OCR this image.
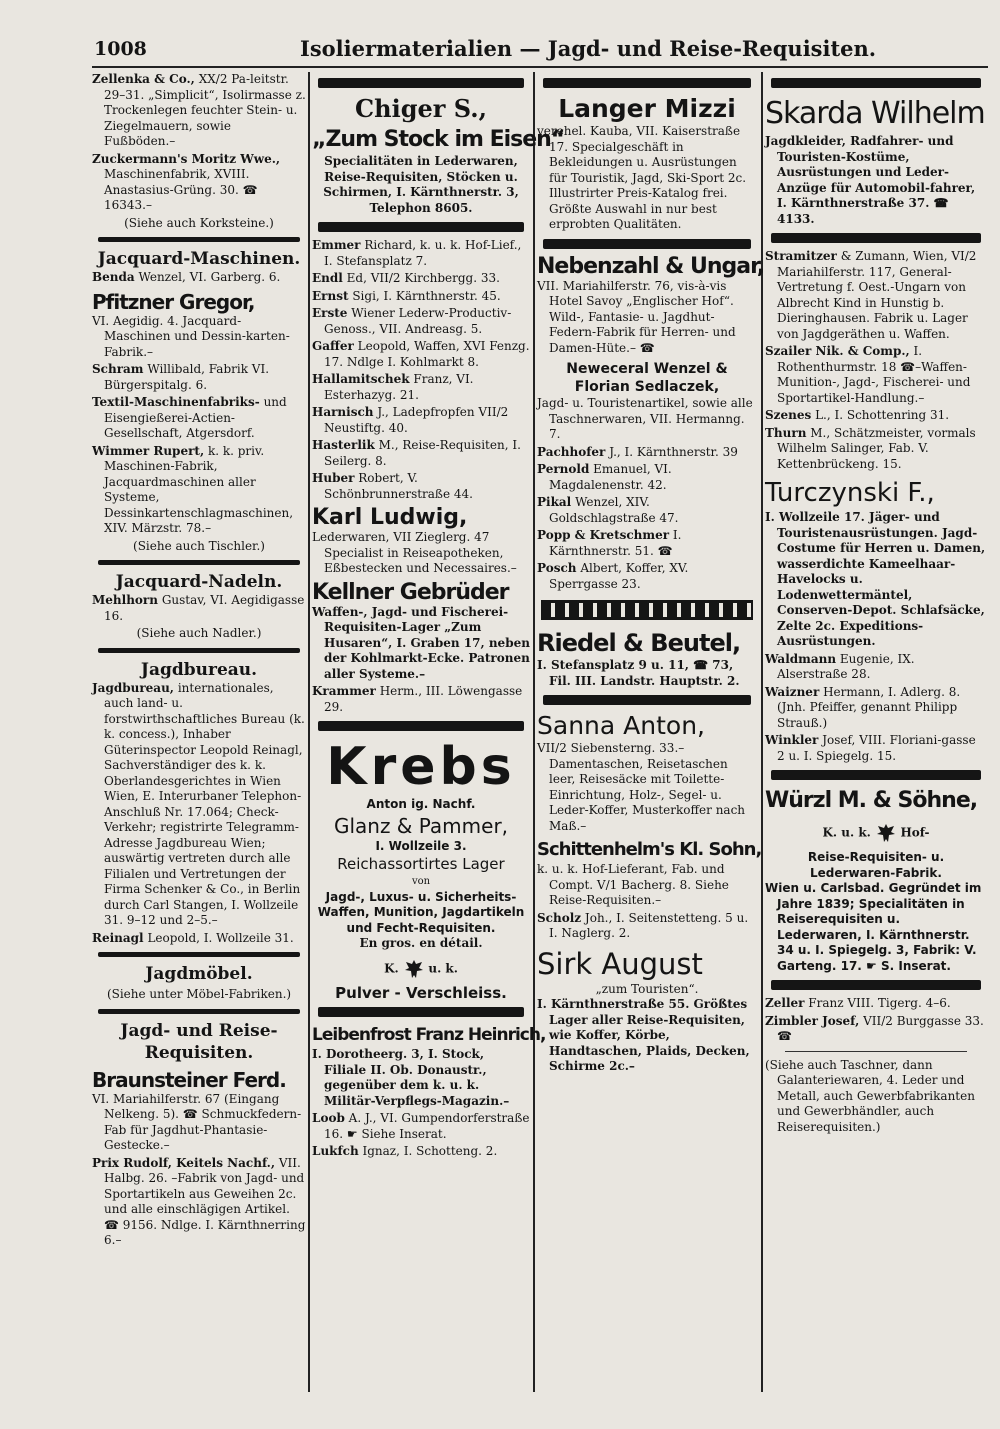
1008	Isoliermaterialien — Jagd- und Reise-Requisiten.

Zellenka & Co., XX/2 Pa-leitstr. 29–31. „Simplicit“, Isolirmasse z. Trockenlegen feuchter Stein- u. Ziegelmauern, sowie Fußböden.–

Zuckermann's Moritz Wwe., Maschinenfabrik, XVIII. Anastasius-Grüng. 30. ☎ 16343.–

(Siehe auch Korksteine.)
Jacquard-Maschinen.

Benda Wenzel, VI. Garberg. 6.

Pfitzner Gregor,

VI. Aegidig. 4. Jacquard-Maschinen und Dessin-karten-Fabrik.–

Schram Willibald, Fabrik VI. Bürgerspitalg. 6.

Textil-Maschinenfabriks- und Eisengießerei-Actien-Gesellschaft, Atgersdorf.

Wimmer Rupert, k. k. priv. Maschinen-Fabrik, Jacquardmaschinen aller Systeme, Dessinkartenschlagmaschinen, XIV. Märzstr. 78.–

(Siehe auch Tischler.)
Jacquard-Nadeln.

Mehlhorn Gustav, VI. Aegidigasse 16.

(Siehe auch Nadler.)
Jagdbureau.

Jagdbureau, internationales, auch land- u. forstwirthschaftliches Bureau (k. k. concess.), Inhaber Güterinspector Leopold Reinagl, Sachverständiger des k. k. Oberlandesgerichtes in Wien Wien, E. Interurbaner Telephon-Anschluß Nr. 17.064; Check-Verkehr; registrirte Telegramm-Adresse Jagdbureau Wien; auswärtig vertreten durch alle Filialen und Vertretungen der Firma Schenker & Co., in Berlin durch Carl Stangen, I. Wollzeile 31. 9–12 und 2–5.–

Reinagl Leopold, I. Wollzeile 31.

Jagdmöbel.
(Siehe unter Möbel-Fabriken.)
Jagd- und Reise-Requisiten.
Braunsteiner Ferd.

VI. Mariahilferstr. 67 (Eingang Nelkeng. 5). ☎ Schmuckfedern-Fab für Jagdhut-Phantasie-Gestecke.–

Prix Rudolf, Keitels Nachf., VII. Halbg. 26. –Fabrik von Jagd- und Sportartikeln aus Geweihen 2c. und alle einschlägigen Artikel. ☎ 9156. Ndlge. I. Kärnthnerring 6.–

Chiger S.,
„Zum Stock im Eisen“

Specialitäten in Lederwaren, Reise-Requisiten, Stöcken u. Schirmen, I. Kärnthnerstr. 3, Telephon 8605.

Emmer Richard, k. u. k. Hof-Lief., I. Stefansplatz 7.

Endl Ed, VII/2 Kirchbergg. 33.

Ernst Sigi, I. Kärnthnerstr. 45.

Erste Wiener Lederw-Productiv-Genoss., VII. Andreasg. 5.

Gaffer Leopold, Waffen, XVI Fenzg. 17. Ndlge I. Kohlmarkt 8.

Hallamitschek Franz, VI. Esterhazyg. 21.

Harnisch J., Ladepfropfen VII/2 Neustiftg. 40.

Hasterlik M., Reise-Requisiten, I. Seilerg. 8.

Huber Robert, V. Schönbrunnerstraße 44.

Karl Ludwig,

Lederwaren, VII Zieglerg. 47 Specialist in Reiseapotheken, Eßbestecken und Necessaires.–

Kellner Gebrüder

Waffen-, Jagd- und Fischerei-Requisiten-Lager „Zum Husaren“, I. Graben 17, neben der Kohlmarkt-Ecke. Patronen aller Systeme.–

Krammer Herm., III. Löwengasse 29.

Krebs
Anton ig. Nachf.
Glanz & Pammer,
I. Wollzeile 3.
Reichassortirtes Lager
von
Jagd-, Luxus- u. Sicherheits-Waffen, Munition, Jagdartikeln und Fecht-Requisiten.
En gros. en détail.
K. u. k.
Pulver - Verschleiss.
Leibenfrost Franz Heinrich,

I. Dorotheerg. 3, I. Stock, Filiale II. Ob. Donaustr., gegenüber dem k. u. k. Militär-Verpflegs-Magazin.–

Loob A. J., VI. Gumpendorferstraße 16. ☛ Siehe Inserat.

Lukfch Ignaz, I. Schotteng. 2.

Langer Mizzi

verehel. Kauba, VII. Kaiserstraße 17. Specialgeschäft in Bekleidungen u. Ausrüstungen für Touristik, Jagd, Ski-Sport 2c. Illustrirter Preis-Katalog frei. Größte Auswahl in nur best erprobten Qualitäten.

Nebenzahl & Ungar,

VII. Mariahilferstr. 76, vis-à-vis Hotel Savoy „Englischer Hof“. Wild-, Fantasie- u. Jagdhut-Federn-Fabrik für Herren- und Damen-Hüte.– ☎

Neweceral Wenzel & Florian Sedlaczek,

Jagd- u. Touristenartikel, sowie alle Taschnerwaren, VII. Hermanng. 7.

Pachhofer J., I. Kärnthnerstr. 39

Pernold Emanuel, VI. Magdalenenstr. 42.

Pikal Wenzel, XIV. Goldschlagstraße 47.

Popp & Kretschmer I. Kärnthnerstr. 51. ☎

Posch Albert, Koffer, XV. Sperrgasse 23.

Riedel & Beutel,

I. Stefansplatz 9 u. 11, ☎ 73, Fil. III. Landstr. Hauptstr. 2.

Sanna Anton,

VII/2 Siebensterng. 33.–Damentaschen, Reisetaschen leer, Reisesäcke mit Toilette-Einrichtung, Holz-, Segel- u. Leder-Koffer, Musterkoffer nach Maß.–

Schittenhelm's Kl. Sohn,

k. u. k. Hof-Lieferant, Fab. und Compt. V/1 Bacherg. 8. Siehe Reise-Requisiten.–

Scholz Joh., I. Seitenstetteng. 5 u. I. Naglerg. 2.

Sirk August
„zum Touristen“.

I. Kärnthnerstraße 55. Größtes Lager aller Reise-Requisiten, wie Koffer, Körbe, Handtaschen, Plaids, Decken, Schirme 2c.–

Skarda Wilhelm

Jagdkleider, Radfahrer- und Touristen-Kostüme, Ausrüstungen und Leder-Anzüge für Automobil-fahrer, I. Kärnthnerstraße 37. ☎ 4133.

Stramitzer & Zumann, Wien, VI/2 Mariahilferstr. 117, General-Vertretung f. Oest.-Ungarn von Albrecht Kind in Hunstig b. Dieringhausen. Fabrik u. Lager von Jagdgeräthen u. Waffen.

Szailer Nik. & Comp., I. Rothenthurmstr. 18 ☎–Waffen-Munition-, Jagd-, Fischerei- und Sportartikel-Handlung.–

Szenes L., I. Schottenring 31.

Thurn M., Schätzmeister, vormals Wilhelm Salinger, Fab. V. Kettenbrückeng. 15.

Turczynski F.,

I. Wollzeile 17. Jäger- und Touristenausrüstungen. Jagd-Costume für Herren u. Damen, wasserdichte Kameelhaar-Havelocks u. Lodenwettermäntel, Conserven-Depot. Schlafsäcke, Zelte 2c. Expeditions-Ausrüstungen.

Waldmann Eugenie, IX. Alserstraße 28.

Waizner Hermann, I. Adlerg. 8. (Jnh. Pfeiffer, genannt Philipp Strauß.)

Winkler Josef, VIII. Floriani-gasse 2 u. I. Spiegelg. 15.

Würzl M. & Söhne,
K. u. k. Hof-
Reise-Requisiten- u. Lederwaren-Fabrik.

Wien u. Carlsbad. Gegründet im Jahre 1839; Specialitäten in Reiserequisiten u. Lederwaren, I. Kärnthnerstr. 34 u. I. Spiegelg. 3, Fabrik: V. Garteng. 17. ☛ S. Inserat.

Zeller Franz VIII. Tigerg. 4–6.

Zimbler Josef, VII/2 Burggasse 33. ☎

(Siehe auch Taschner, dann Galanteriewaren, 4. Leder und Metall, auch Gewerbfabrikanten und Gewerbhändler, auch Reiserequisiten.)
